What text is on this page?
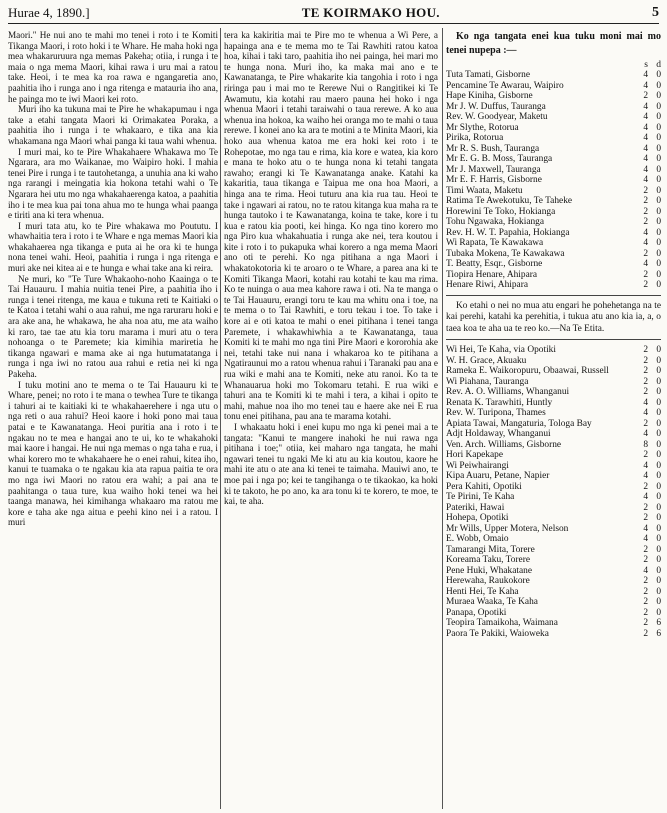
Hurae 4, 1890.]	TE KOIRMAKO HOU.	5

Maori." He nui ano te mahi mo tenei i roto i te Komiti Tikanga Maori, i roto hoki i te Whare. He maha hoki nga mea whakaruruura nga memas Pakeha; otiia, i runga i te maia o nga mema Maori, kihai rawa i uru mai a ratou take. Heoi, i te mea ka roa rawa e ngangaretia ano, paahitia iho i runga ano i nga ritenga e matauria iho ana, he painga mo te iwi Maori kei roto.

Muri iho ka tukuna mai te Pire he whakapumau i nga take a etahi tangata Maori ki Orimakatea Poraka, a paahitia iho i runga i te whakaaro, e tika ana kia whakamana nga Maori whai panga ki taua wahi whenua.

I muri mai, ko te Pire Whakahaere Whakawa mo Te Ngarara, ara mo Waikanae, mo Waipiro hoki. I mahia tenei Pire i runga i te tautohetanga, a unuhia ana ki waho nga rarangi i meingatia kia hokona tetahi wahi o Te Ngarara hei utu mo nga whakahaerenga katoa, a paahitia iho i te mea kua pai tona ahua mo te hunga whai paanga e tiriti ana ki tera whenua.

I muri tata atu, ko te Pire whakawa mo Poututu. I whawhaitia tera i roto i te Whare e nga memas Maori kia whakahaerea nga tikanga e puta ai he ora ki te hunga nona tenei wahi. Heoi, paahitia i runga i nga ritenga e muri ake nei kitea ai e te hunga e whai take ana ki reira.

Ne muri, ko "Te Ture Whakaoho-noho Kaainga o te Tai Hauauru. I mahia nuitia tenei Pire, a paahitia iho i runga i tenei ritenga, me kaua e tukuna reti te Kaitiaki o te Katoa i tetahi wahi o aua rahui, me nga raruraru hoki e ara ake ana, he whakawa, he aha noa atu, me ata waiho ki raro, tae tae atu kia toru marama i muri atu o tera nohoanga o te Paremete; kia kimihia mariretia he tikanga ngawari e mama ake ai nga hutumatatanga i runga i nga iwi no ratou aua rahui e retia nei ki nga Pakeha.

I tuku motini ano te mema o te Tai Hauauru ki te Whare, penei; no roto i te mana o tewhea Ture te tikanga i tahuri ai te kaitiaki ki te whakahaerehere i nga utu o nga reti o aua rahui? Heoi kaore i hoki pono mai taua patai e te Kawanatanga. Heoi puritia ana i roto i te ngakau no te mea e hangai ano te ui, ko te whakahoki mai kaore i hangai. He nui nga memas o nga taha e rua, i whai korero mo te whakahaere he o enei rahui, kitea iho, kanui te tuamaka o te ngakau kia ata rapua paitia te ora mo nga iwi Maori no ratou era wahi; a pai ana te paahitanga o taua ture, kua waiho hoki tenei wa hei taanga manawa, hei kimihanga whakaaro ma ratou me kore e taha ake nga aitua e peehi kino nei i a ratou. I muri

tera ka kakiritia mai te Pire mo te whenua a Wi Pere, a hapainga ana e te mema mo te Tai Rawhiti ratou katoa hoa, kihai i taki taro, paahitia iho nei painga, hei mari mo te hunga nona. Muri iho, ka maka mai ano e te Kawanatanga, te Pire whakarite kia tangohia i roto i nga riringa pau i mai mo te Rerewe Nui o Rangitikei ki Te Awamutu, kia kotahi rau maero pauna hei hoko i nga whenua Maori i tetahi taraiwahi o taua rerewe. A ko aua whenua ina hokoa, ka waiho hei oranga mo te mahi o taua rerewe. I konei ano ka ara te motini a te Minita Maori, kia hoko aua whenua katoa me era hoki kei roto i te Rohepotae, mo nga tau e rima, kia kore e watea, kia koro e mana te hoko atu o te hunga nona ki tetahi tangata rawaho; erangi ki Te Kawanatanga anake. Katahi ka kakaritia, taua tikanga e Taipua me ona hoa Maori, a hinga ana te rima. Heoi tuturu ana kia rua tau. Heoi te take i ngawari ai ratou, no te ratou kitanga kua maha ra te hunga tautoko i te Kawanatanga, koina te take, kore i tu kua e ratou kia pooti, kei hinga. Ko nga tino korero mo nga Piro kua whakahuatia i runga ake nei, tera koutou i kite i roto i to pukapuka whai korero a nga mema Maori ano oti te perehi. Ko nga pitihana a nga Maori i whakatokotoria ki te aroaro o te Whare, a parea ana ki te Komiti Tikanga Maori, kotahi rau kotahi te kau ma rima. Ko te nuinga o aua mea kahore rawa i oti. Na te manga o te Tai Hauauru, erangi toru te kau ma whitu ona i toe, na te mema o to Tai Rawhiti, e toru tekau i toe. To take i kore ai e oti katoa te mahi o enei pitihana i tenei tanga Paremete, i whakawhiwhia a te Kawanatanga, taua Komiti ki te mahi mo nga tini Pire Maori e kororohia ake nei, tetahi take nui nana i whakaroa ko te pitihana a Ngatiraunui mo a ratou whenua rahui i Taranaki pau ana e rua wiki e mahi ana te Komiti, neke atu ranoi. Ko ta te Whanauarua hoki mo Tokomaru tetahi. E rua wiki e tahuri ana te Komiti ki te mahi i tera, a kihai i opito te mahi, mahue noa iho mo tenei tau e haere ake nei E rua tonu enei pitihana, pau ana te marama kotahi.

I whakaatu hoki i enei kupu mo nga ki penei mai a te tangata: "Kanui te mangere inahoki he nui rawa nga pitihana i toe;" otiia, kei maharo nga tangata, he mahi ngawari tenei tu ngaki Me ki atu au kia koutou, kaore he mahi ite atu o ate ana ki tenei te taimaha. Mauiwi ano, te moe pai i nga po; kei te tangihanga o te tikaokao, ka hoki ki te takoto, he po ano, ka ara tonu ki te korero, te moe, te kai, te aha.

Ko nga tangata enei kua tuku moni mai mo tenei nupepa :—

s d
Tuta Tamati, Gisborne	4 0
Pencamine Te Awarau, Waipiro	4 0
Hape Kiniha, Gisborne	2 0
Mr J. W. Duffus, Tauranga	4 0
Rev. W. Goodyear, Maketu	4 0
Mr Slythe, Rotorua	4 0
Pirika, Rotorua	4 0
Mr R. S. Bush, Tauranga	4 0
Mr E. G. B. Moss, Tauranga	4 0
Mr J. Maxwell, Tauranga	4 0
Mr E. F. Harris, Gisborne	4 0
Timi Waata, Maketu	2 0
Ratima Te Awekotuku, Te Taheke	2 0
Horewini Te Toko, Hokianga	2 0
Tohu Ngawaka, Hokianga	2 0
Rev. H. W. T. Papahia, Hokianga	4 0
Wi Rapata, Te Kawakawa	4 0
Tubaka Mokena, Te Kawakawa	2 0
T. Beatty, Esqr., Gisborne	4 0
Tiopira Henare, Ahipara	2 0
Henare Riwi, Ahipara	2 0

Ko etahi o nei no mua atu engari he pohehetanga na te kai perehi, katahi ka perehitia, i tukua atu ano kia ia, a, o taea koa te aha ua te reo ko.—Na Te Etita.

Wi Hei, Te Kaha, via Opotiki	2 0
W. H. Grace, Akuaku	2 0
Rameka E. Waikoropuru, Obaawai, Russell	2 0
Wi Piahana, Tauranga	2 0
Rev. A. O. Williams, Whanganui	2 0
Renata K. Tarawhiti, Huntly	4 0
Rev. W. Turipona, Thames	4 0
Apiata Tawai, Mangaturia, Tologa Bay	2 0
Adjt Holdaway, Whanganui	4 0
Ven. Arch. Williams, Gisborne	8 0
Hori Kapekape	2 0
Wi Peiwhairangi	4 0
Kipa Auaru, Petane, Napier	4 0
Pera Kahiti, Opotiki	2 0
Te Pirini, Te Kaha	4 0
Pateriki, Hawai	2 0
Hohepa, Opotiki	2 0
Mr Wills, Upper Motera, Nelson	4 0
E. Wobb, Omaio	4 0
Tamarangi Mita, Torere	2 0
Koreama Taku, Torere	2 0
Pene Huki, Whakatane	4 0
Herewaha, Raukokore	2 0
Henti Hei, Te Kaha	2 0
Muraea Waaka, Te Kaha	2 0
Panapa, Opotiki	2 0
Teopira Tamaikoha, Waimana	2 6
Paora Te Pakiki, Waioweka	2 6
